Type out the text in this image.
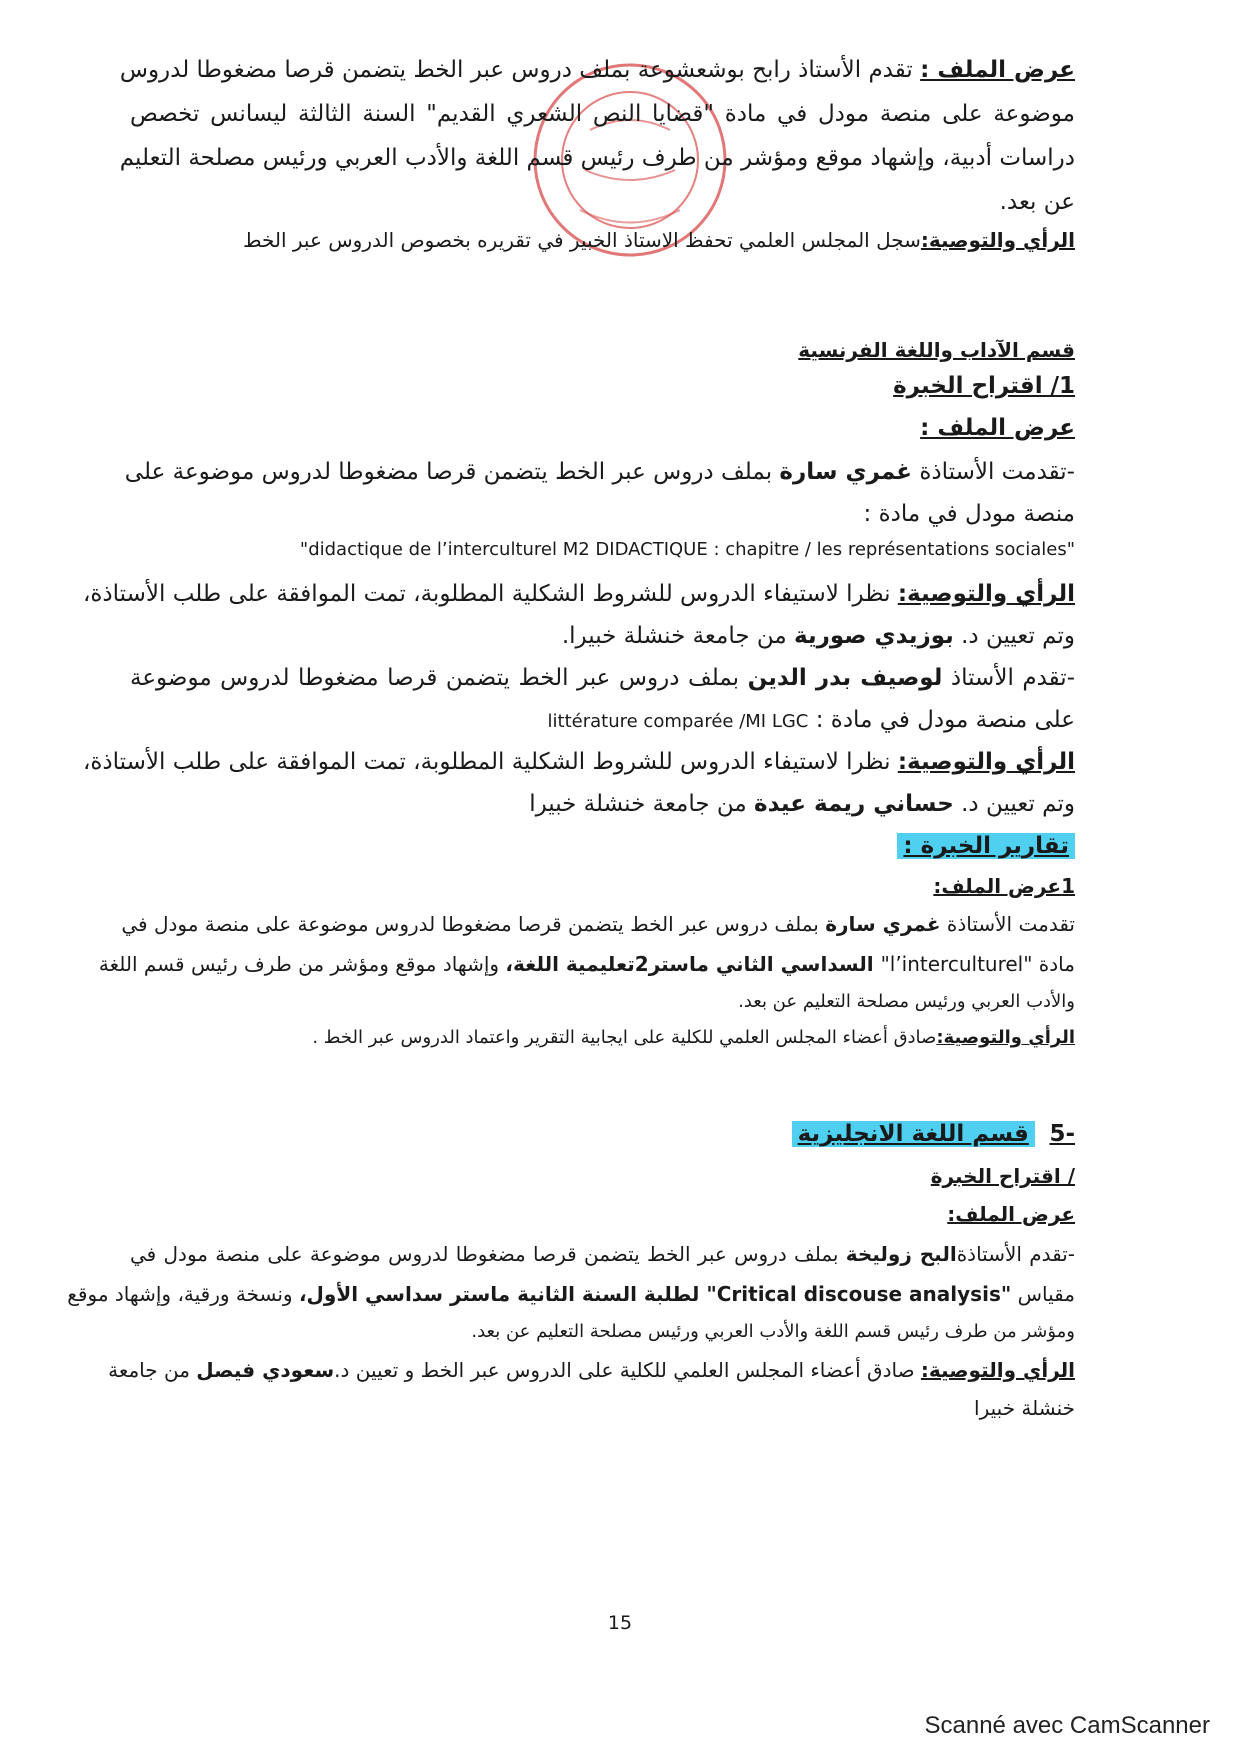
عرض الملف : تقدم الأستاذ رابح بوشعشوعة بملف دروس عبر الخط يتضمن قرصا مضغوطا لدروس
موضوعة على منصة مودل في مادة "قضايا النص الشعري القديم" السنة الثالثة ليسانس تخصص
دراسات أدبية، وإشهاد موقع ومؤشر من طرف رئيس قسم اللغة والأدب العربي ورئيس مصلحة التعليم
عن بعد.
الرأي والتوصية:سجل المجلس العلمي تحفظ الاستاذ الخبير في تقريره بخصوص الدروس عبر الخط
قسم الآداب واللغة الفرنسية
1/ اقتراح الخبرة
عرض الملف :
-تقدمت الأستاذة غمري سارة بملف دروس عبر الخط يتضمن قرصا مضغوطا لدروس موضوعة على
منصة مودل في مادة :
"didactique de l’interculturel M2 DIDACTIQUE : chapitre / les représentations sociales"
الرأي والتوصية: نظرا لاستيفاء الدروس للشروط الشكلية المطلوبة، تمت الموافقة على طلب الأستاذة،
وتم تعيين د. بوزيدي صورية من جامعة خنشلة خبيرا.
-تقدم الأستاذ لوصيف بدر الدين بملف دروس عبر الخط يتضمن قرصا مضغوطا لدروس موضوعة
على منصة مودل في مادة : littérature comparée /MI LGC
الرأي والتوصية: نظرا لاستيفاء الدروس للشروط الشكلية المطلوبة، تمت الموافقة على طلب الأستاذة،
وتم تعيين د. حساني ريمة عيدة من جامعة خنشلة خبيرا
تقارير الخبرة :
1عرض الملف:
تقدمت الأستاذة غمري سارة بملف دروس عبر الخط يتضمن قرصا مضغوطا لدروس موضوعة على منصة مودل في
مادة "l’interculturel" السداسي الثاني ماستر2تعليمية اللغة، وإشهاد موقع ومؤشر من طرف رئيس قسم اللغة
والأدب العربي ورئيس مصلحة التعليم عن بعد.
الرأي والتوصية:صادق أعضاء المجلس العلمي للكلية على ايجابية التقرير واعتماد الدروس عبر الخط .
-5  قسم اللغة الانجليزية
/ اقتراح الخبرة
عرض الملف:
-تقدم الأستاذةالبح زوليخة بملف دروس عبر الخط يتضمن قرصا مضغوطا لدروس موضوعة على منصة مودل في
مقياس "Critical discouse analysis" لطلبة السنة الثانية ماستر سداسي الأول، ونسخة ورقية، وإشهاد موقع
ومؤشر من طرف رئيس قسم اللغة والأدب العربي ورئيس مصلحة التعليم عن بعد.
الرأي والتوصية: صادق أعضاء المجلس العلمي للكلية على الدروس عبر الخط و تعيين د.سعودي فيصل من جامعة
خنشلة خبيرا
15
Scanné avec CamScanner
